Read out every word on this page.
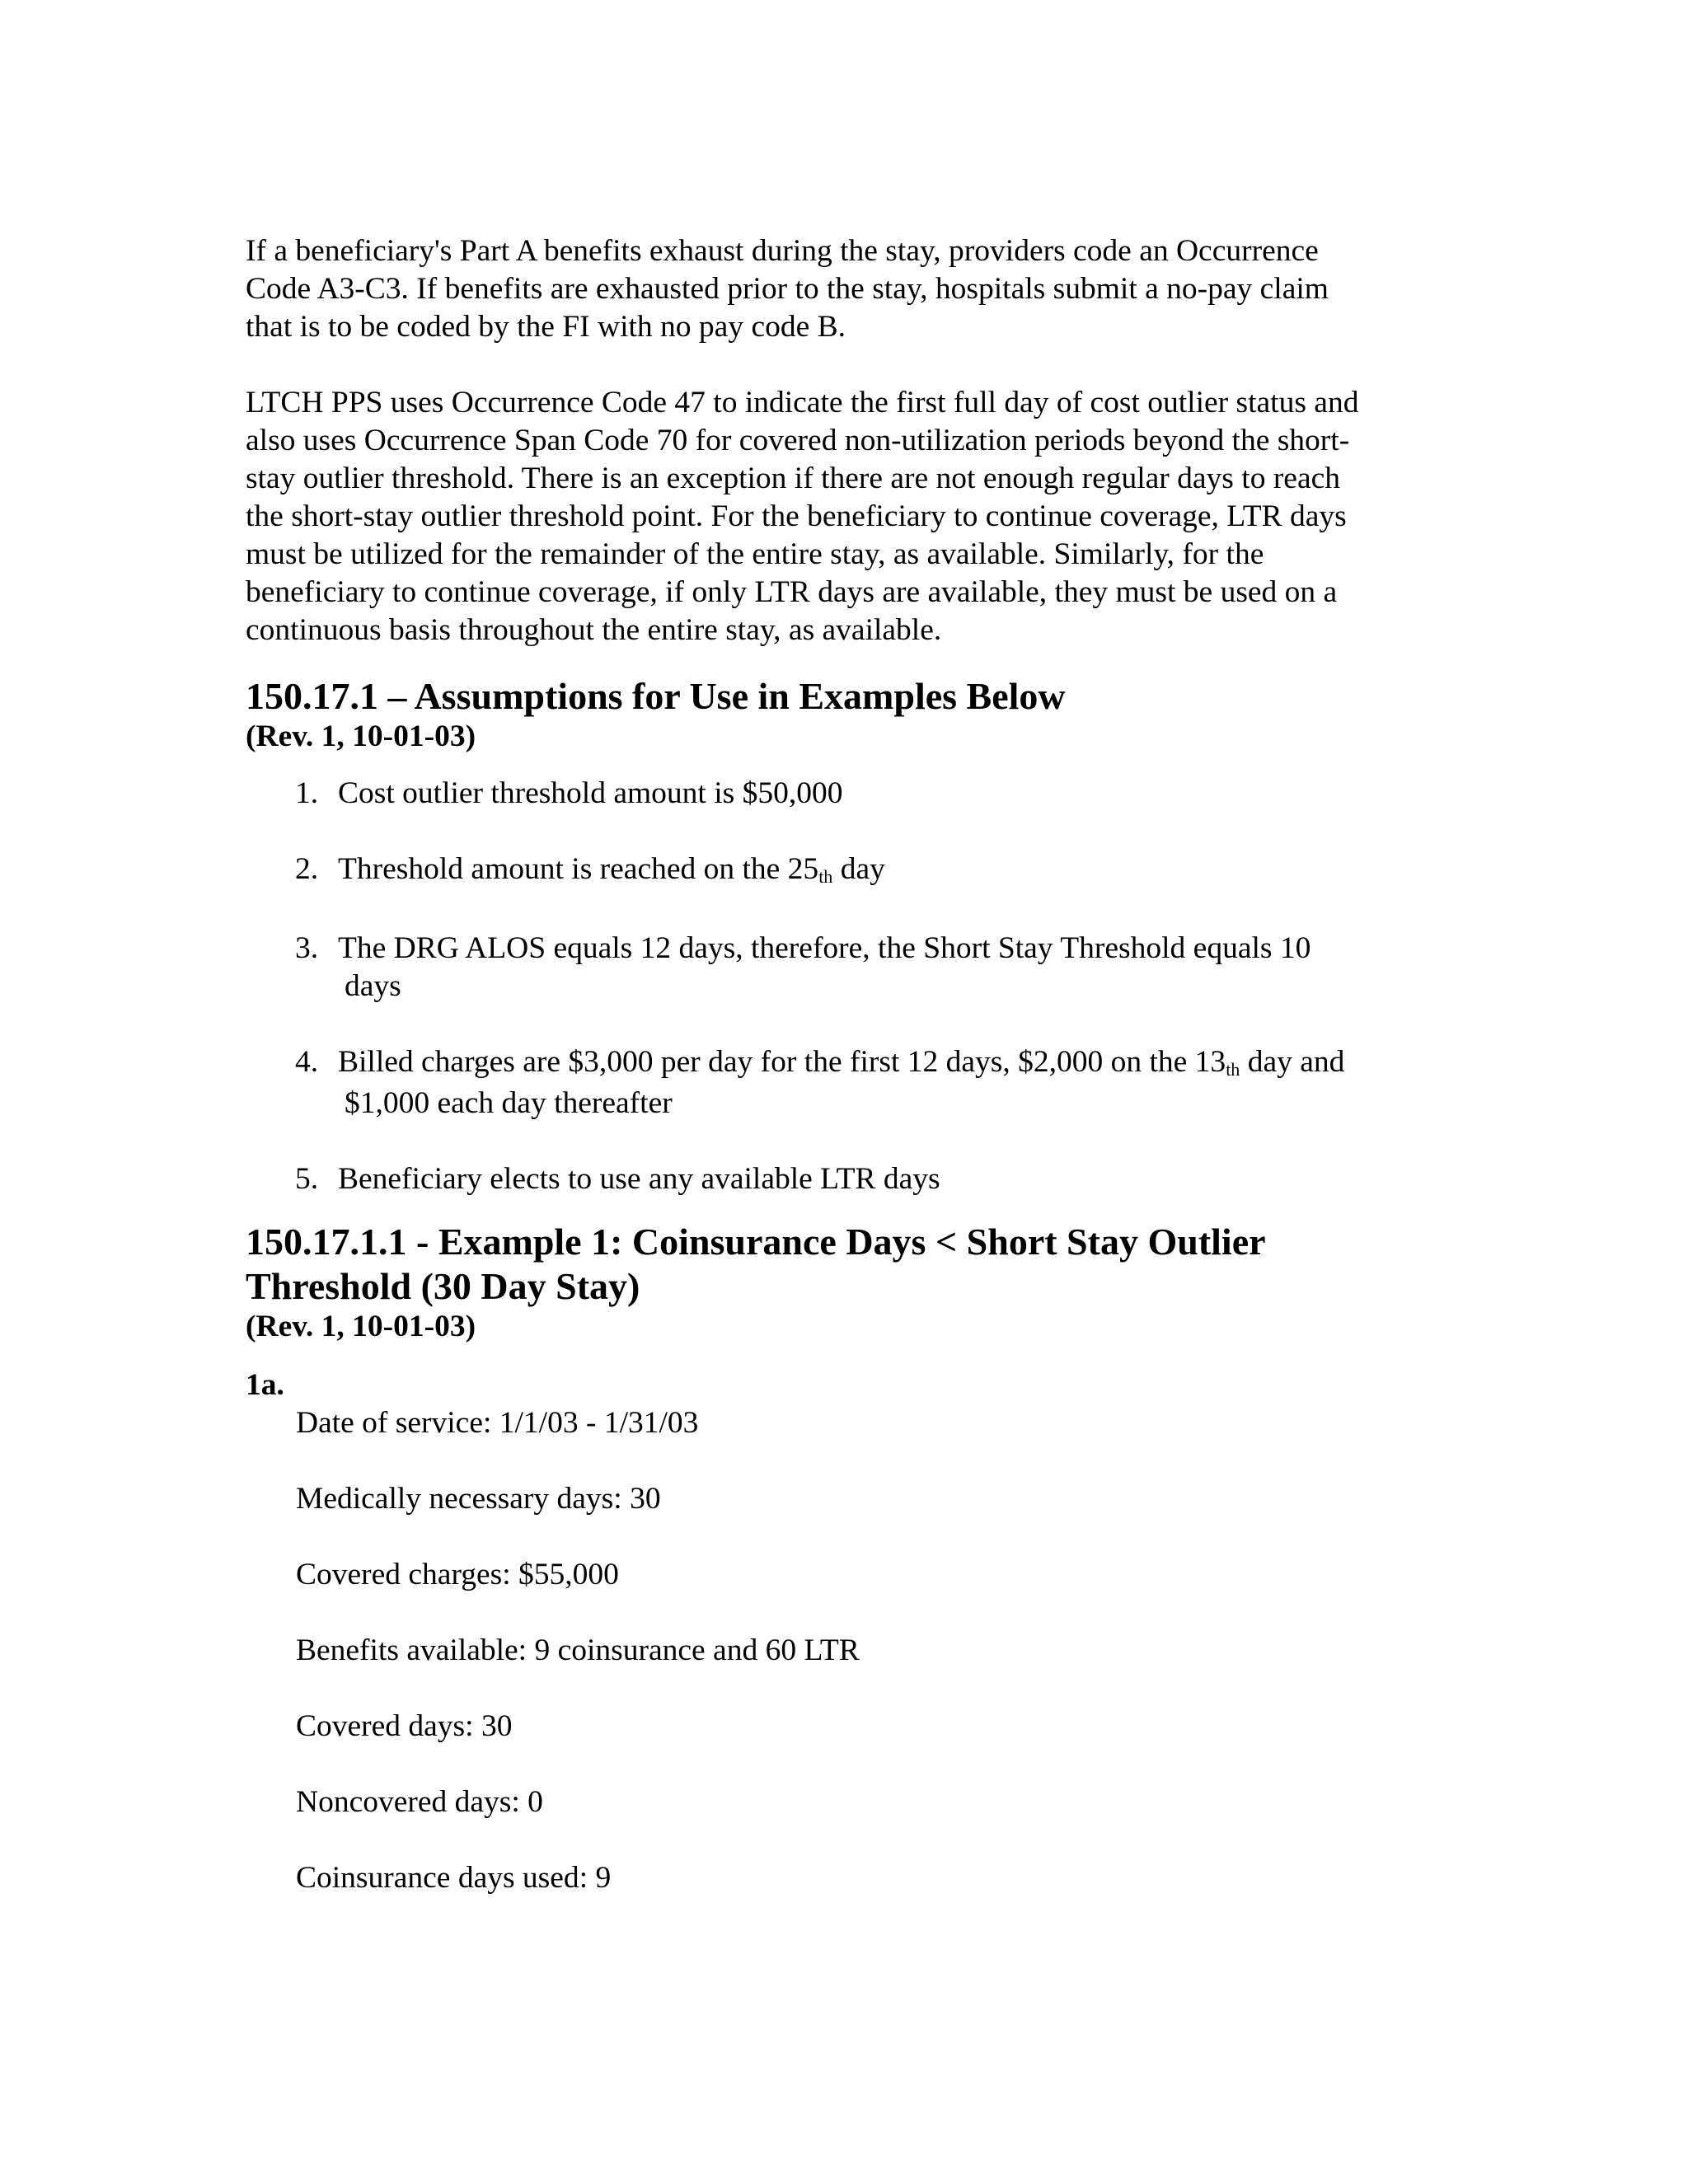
If a beneficiary's Part A benefits exhaust during the stay, providers code an Occurrence
Code A3-C3. If benefits are exhausted prior to the stay, hospitals submit a no-pay claim
that is to be coded by the FI with no pay code B.

LTCH PPS uses Occurrence Code 47 to indicate the first full day of cost outlier status and
also uses Occurrence Span Code 70 for covered non-utilization periods beyond the short-
stay outlier threshold. There is an exception if there are not enough regular days to reach
the short-stay outlier threshold point. For the beneficiary to continue coverage, LTR days
must be utilized for the remainder of the entire stay, as available. Similarly, for the
beneficiary to continue coverage, if only LTR days are available, they must be used on a
continuous basis throughout the entire stay, as available.

150.17.1 – Assumptions for Use in Examples Below

(Rev. 1, 10-01-03)

1. Cost outlier threshold amount is $50,000
2. Threshold amount is reached on the 25th day
3. The DRG ALOS equals 12 days, therefore, the Short Stay Threshold equals 10
days
4. Billed charges are $3,000 per day for the first 12 days, $2,000 on the 13th day and
$1,000 each day thereafter
5. Beneficiary elects to use any available LTR days
150.17.1.1 - Example 1: Coinsurance Days < Short Stay Outlier
Threshold (30 Day Stay)

(Rev. 1, 10-01-03)

1a.

Date of service: 1/1/03 - 1/31/03

Medically necessary days: 30

Covered charges: $55,000

Benefits available: 9 coinsurance and 60 LTR

Covered days: 30

Noncovered days: 0

Coinsurance days used: 9
